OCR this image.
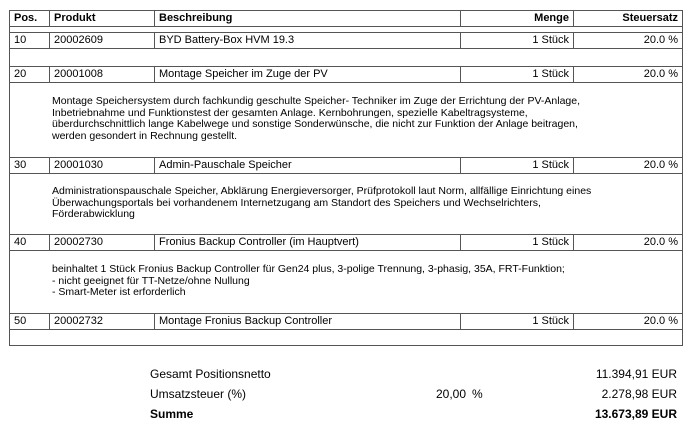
Pos.	Produkt	Beschreibung	Menge	Steuersatz
10	20002609	BYD Battery-Box HVM 19.3	1 Stück	20.0 %
20	20001008	Montage Speicher im Zuge der PV	1 Stück	20.0 %
Montage Speichersystem durch fachkundig geschulte Speicher- Techniker im Zuge der Errichtung der PV-Anlage,
Inbetriebnahme und Funktionstest der gesamten Anlage. Kernbohrungen, spezielle Kabeltragsysteme,
überdurchschnittlich lange Kabelwege und sonstige Sonderwünsche, die nicht zur Funktion der Anlage beitragen,
werden gesondert in Rechnung gestellt.
30	20001030	Admin-Pauschale Speicher	1 Stück	20.0 %
Administrationspauschale Speicher, Abklärung Energieversorger, Prüfprotokoll laut Norm, allfällige Einrichtung eines
Überwachungsportals bei vorhandenem Internetzugang am Standort des Speichers und Wechselrichters,
Förderabwicklung
40	20002730	Fronius Backup Controller (im Hauptvert)	1 Stück	20.0 %
beinhaltet 1 Stück Fronius Backup Controller für Gen24 plus, 3-polige Trennung, 3-phasig, 35A, FRT-Funktion;
- nicht geeignet für TT-Netze/ohne Nullung
- Smart-Meter ist erforderlich
50	20002732	Montage Fronius Backup Controller	1 Stück	20.0 %
Gesamt Positionsnetto	11.394,91 EUR
Umsatzsteuer (%)	20,00 %	2.278,98 EUR
Summe	13.673,89 EUR
